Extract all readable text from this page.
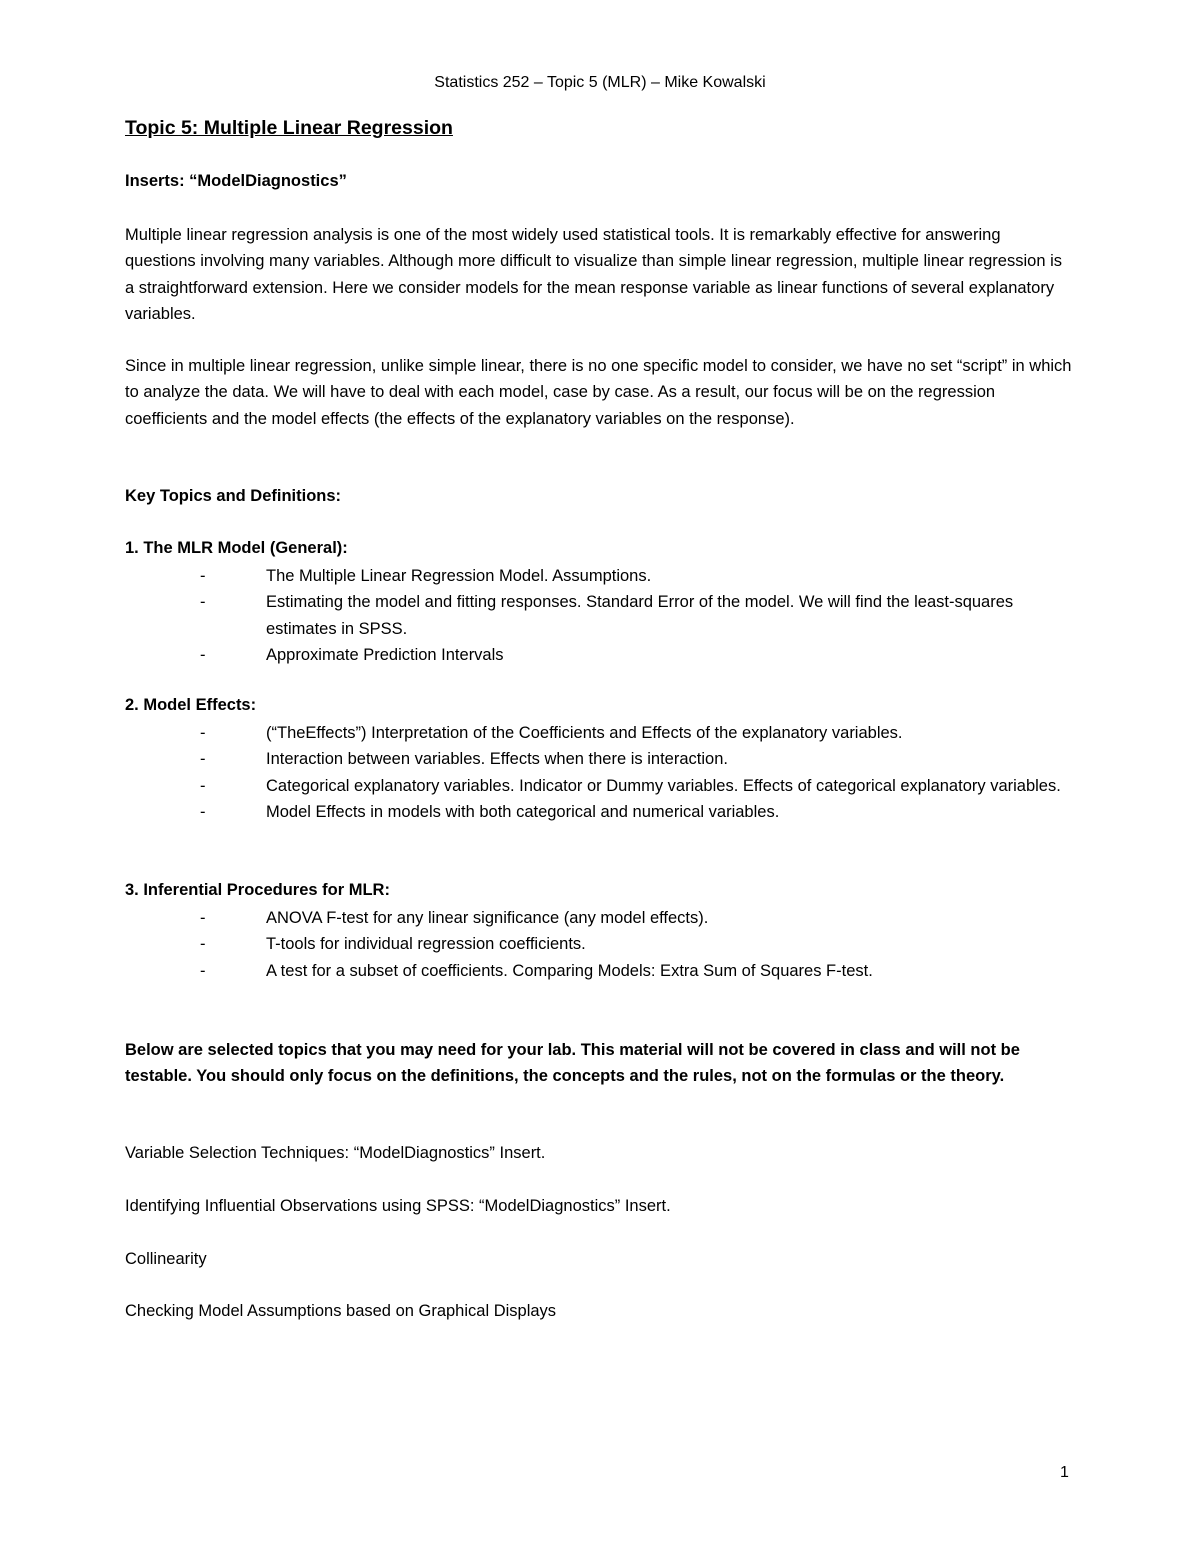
Statistics 252 – Topic 5 (MLR) – Mike Kowalski
Topic 5: Multiple Linear Regression
Inserts: “ModelDiagnostics”
Multiple linear regression analysis is one of the most widely used statistical tools. It is remarkably effective for answering questions involving many variables. Although more difficult to visualize than simple linear regression, multiple linear regression is a straightforward extension. Here we consider models for the mean response variable as linear functions of several explanatory variables.
Since in multiple linear regression, unlike simple linear, there is no one specific model to consider, we have no set “script” in which to analyze the data. We will have to deal with each model, case by case. As a result, our focus will be on the regression coefficients and the model effects (the effects of the explanatory variables on the response).
Key Topics and Definitions:
1. The MLR Model (General):
-	The Multiple Linear Regression Model. Assumptions.
-	Estimating the model and fitting responses. Standard Error of the model. We will find the least-squares estimates in SPSS.
-	Approximate Prediction Intervals
2. Model Effects:
-	(“TheEffects”) Interpretation of the Coefficients and Effects of the explanatory variables.
-	Interaction between variables. Effects when there is interaction.
-	Categorical explanatory variables. Indicator or Dummy variables. Effects of categorical explanatory variables.
-	Model Effects in models with both categorical and numerical variables.
3. Inferential Procedures for MLR:
-	ANOVA F-test for any linear significance (any model effects).
-	T-tools for individual regression coefficients.
-	A test for a subset of coefficients. Comparing Models: Extra Sum of Squares F-test.
Below are selected topics that you may need for your lab. This material will not be covered in class and will not be testable. You should only focus on the definitions, the concepts and the rules, not on the formulas or the theory.
Variable Selection Techniques: “ModelDiagnostics” Insert.
Identifying Influential Observations using SPSS: “ModelDiagnostics” Insert.
Collinearity
Checking Model Assumptions based on Graphical Displays
1
